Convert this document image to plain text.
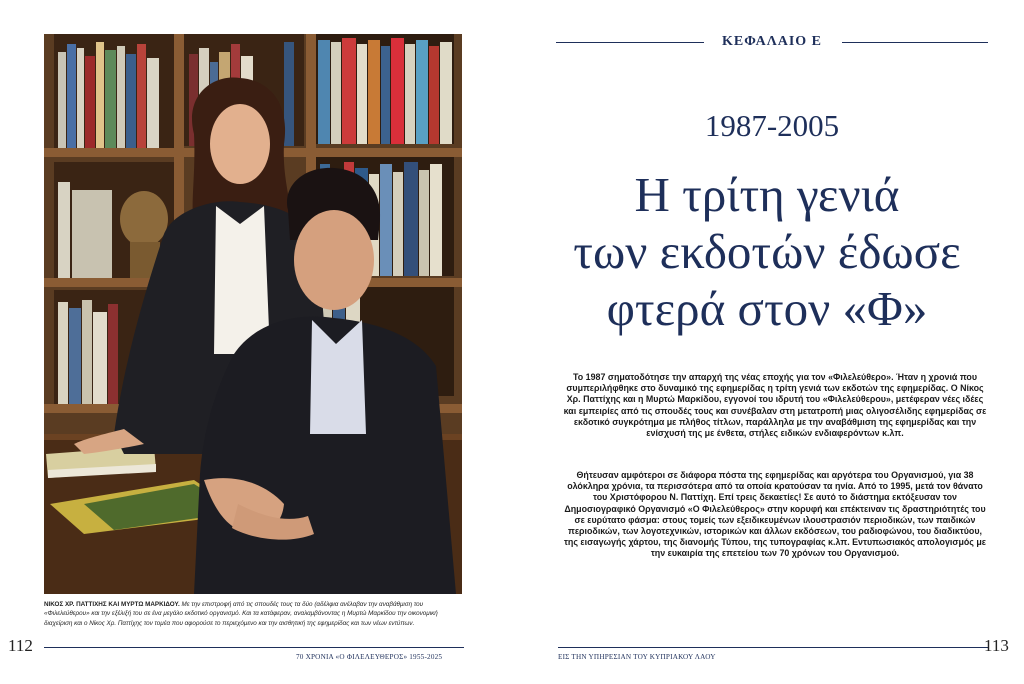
ΝΙΚΟΣ ΧΡ. ΠΑΤΤΙΧΗΣ ΚΑΙ ΜΥΡΤΩ ΜΑΡΚΙΔΟΥ. Με την επιστροφή από τις σπουδές τους τα δύο (αδέλφια ανέλαβαν την αναβάθμιση του «Φιλελεύθερου» και την εξέλιξή του σε ένα μεγάλο εκδοτικό οργανισμό. Και τα κατάφεραν, αναλαμβάνοντας η Μυρτώ Μαρκίδου την οικονομική διαχείριση και ο Νίκος Χρ. Παττίχης τον τομέα που αφορούσε το περιεχόμενο και την αισθητική της εφημερίδας και των νέων εντύπων.
112
70 ΧΡΟΝΙΑ «Ο ΦΙΛΕΛΕΥΘΕΡΟΣ» 1955-2025
ΚΕΦΑΛΑΙΟ Ε
1987-2005
Η τρίτη γενιά
των εκδοτών έδωσε
φτερά στον «Φ»
Το 1987 σηματοδότησε την απαρχή της νέας εποχής για τον «Φιλελεύθερο». Ήταν η χρονιά που συμπεριλήφθηκε στο δυναμικό της εφημερίδας η τρίτη γενιά των εκδοτών της εφημερίδας. Ο Νίκος Χρ. Παττίχης και η Μυρτώ Μαρκίδου, εγγονοί του ιδρυτή του «Φιλελεύθερου», μετέφεραν νέες ιδέες και εμπειρίες από τις σπουδές τους και συνέβαλαν στη μετατροπή μιας ολιγοσέλιδης εφημερίδας σε εκδοτικό συγκρότημα με πλήθος τίτλων, παράλληλα με την αναβάθμιση της εφημερίδας και την ενίσχυσή της με ένθετα, στήλες ειδικών ενδιαφερόντων κ.λπ.
Θήτευσαν αμφότεροι σε διάφορα πόστα της εφημερίδας και αργότερα του Οργανισμού, για 38 ολόκληρα χρόνια, τα περισσότερα από τα οποία κρατούσαν τα ηνία. Από το 1995, μετά τον θάνατο του Χριστόφορου Ν. Παττίχη. Επί τρεις δεκαετίες! Σε αυτό το διάστημα εκτόξευσαν τον Δημοσιογραφικό Οργανισμό «Ο Φιλελεύθερος» στην κορυφή και επέκτειναν τις δραστηριότητές του σε ευρύτατο φάσμα: στους τομείς των εξειδικευμένων ιλουστρασιόν περιοδικών, των παιδικών περιοδικών, των λογοτεχνικών, ιστορικών και άλλων εκδόσεων, του ραδιοφώνου, του διαδικτύου, της εισαγωγής χάρτου, της διανομής Τύπου, της τυπογραφίας κ.λπ. Εντυπωσιακός απολογισμός με την ευκαιρία της επετείου των 70 χρόνων του Οργανισμού.
ΕΙΣ ΤΗΝ ΥΠΗΡΕΣΙΑΝ ΤΟΥ ΚΥΠΡΙΑΚΟΥ ΛΑΟΥ
113
